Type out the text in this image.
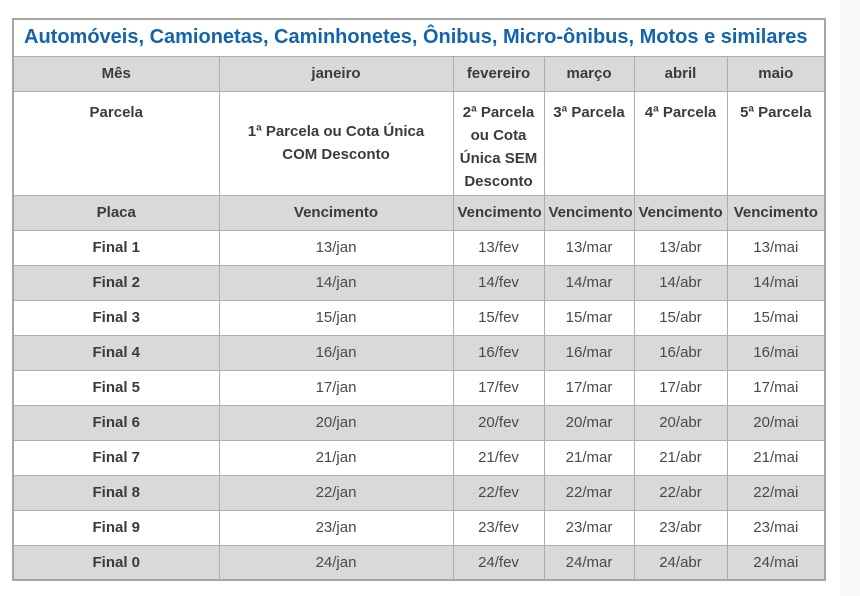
Automóveis, Camionetas, Caminhonetes, Ônibus, Micro-ônibus, Motos e similares					
Mês	janeiro	fevereiro	março	abril	maio
Parcela	1ª Parcela ou Cota Única COM Desconto	2ª Parcela ou Cota Única SEM Desconto	3ª Parcela	4ª Parcela	5ª Parcela
Placa	Vencimento	Vencimento	Vencimento	Vencimento	Vencimento
Final 1	13/jan	13/fev	13/mar	13/abr	13/mai
Final 2	14/jan	14/fev	14/mar	14/abr	14/mai
Final 3	15/jan	15/fev	15/mar	15/abr	15/mai
Final 4	16/jan	16/fev	16/mar	16/abr	16/mai
Final 5	17/jan	17/fev	17/mar	17/abr	17/mai
Final 6	20/jan	20/fev	20/mar	20/abr	20/mai
Final 7	21/jan	21/fev	21/mar	21/abr	21/mai
Final 8	22/jan	22/fev	22/mar	22/abr	22/mai
Final 9	23/jan	23/fev	23/mar	23/abr	23/mai
Final 0	24/jan	24/fev	24/mar	24/abr	24/mai
